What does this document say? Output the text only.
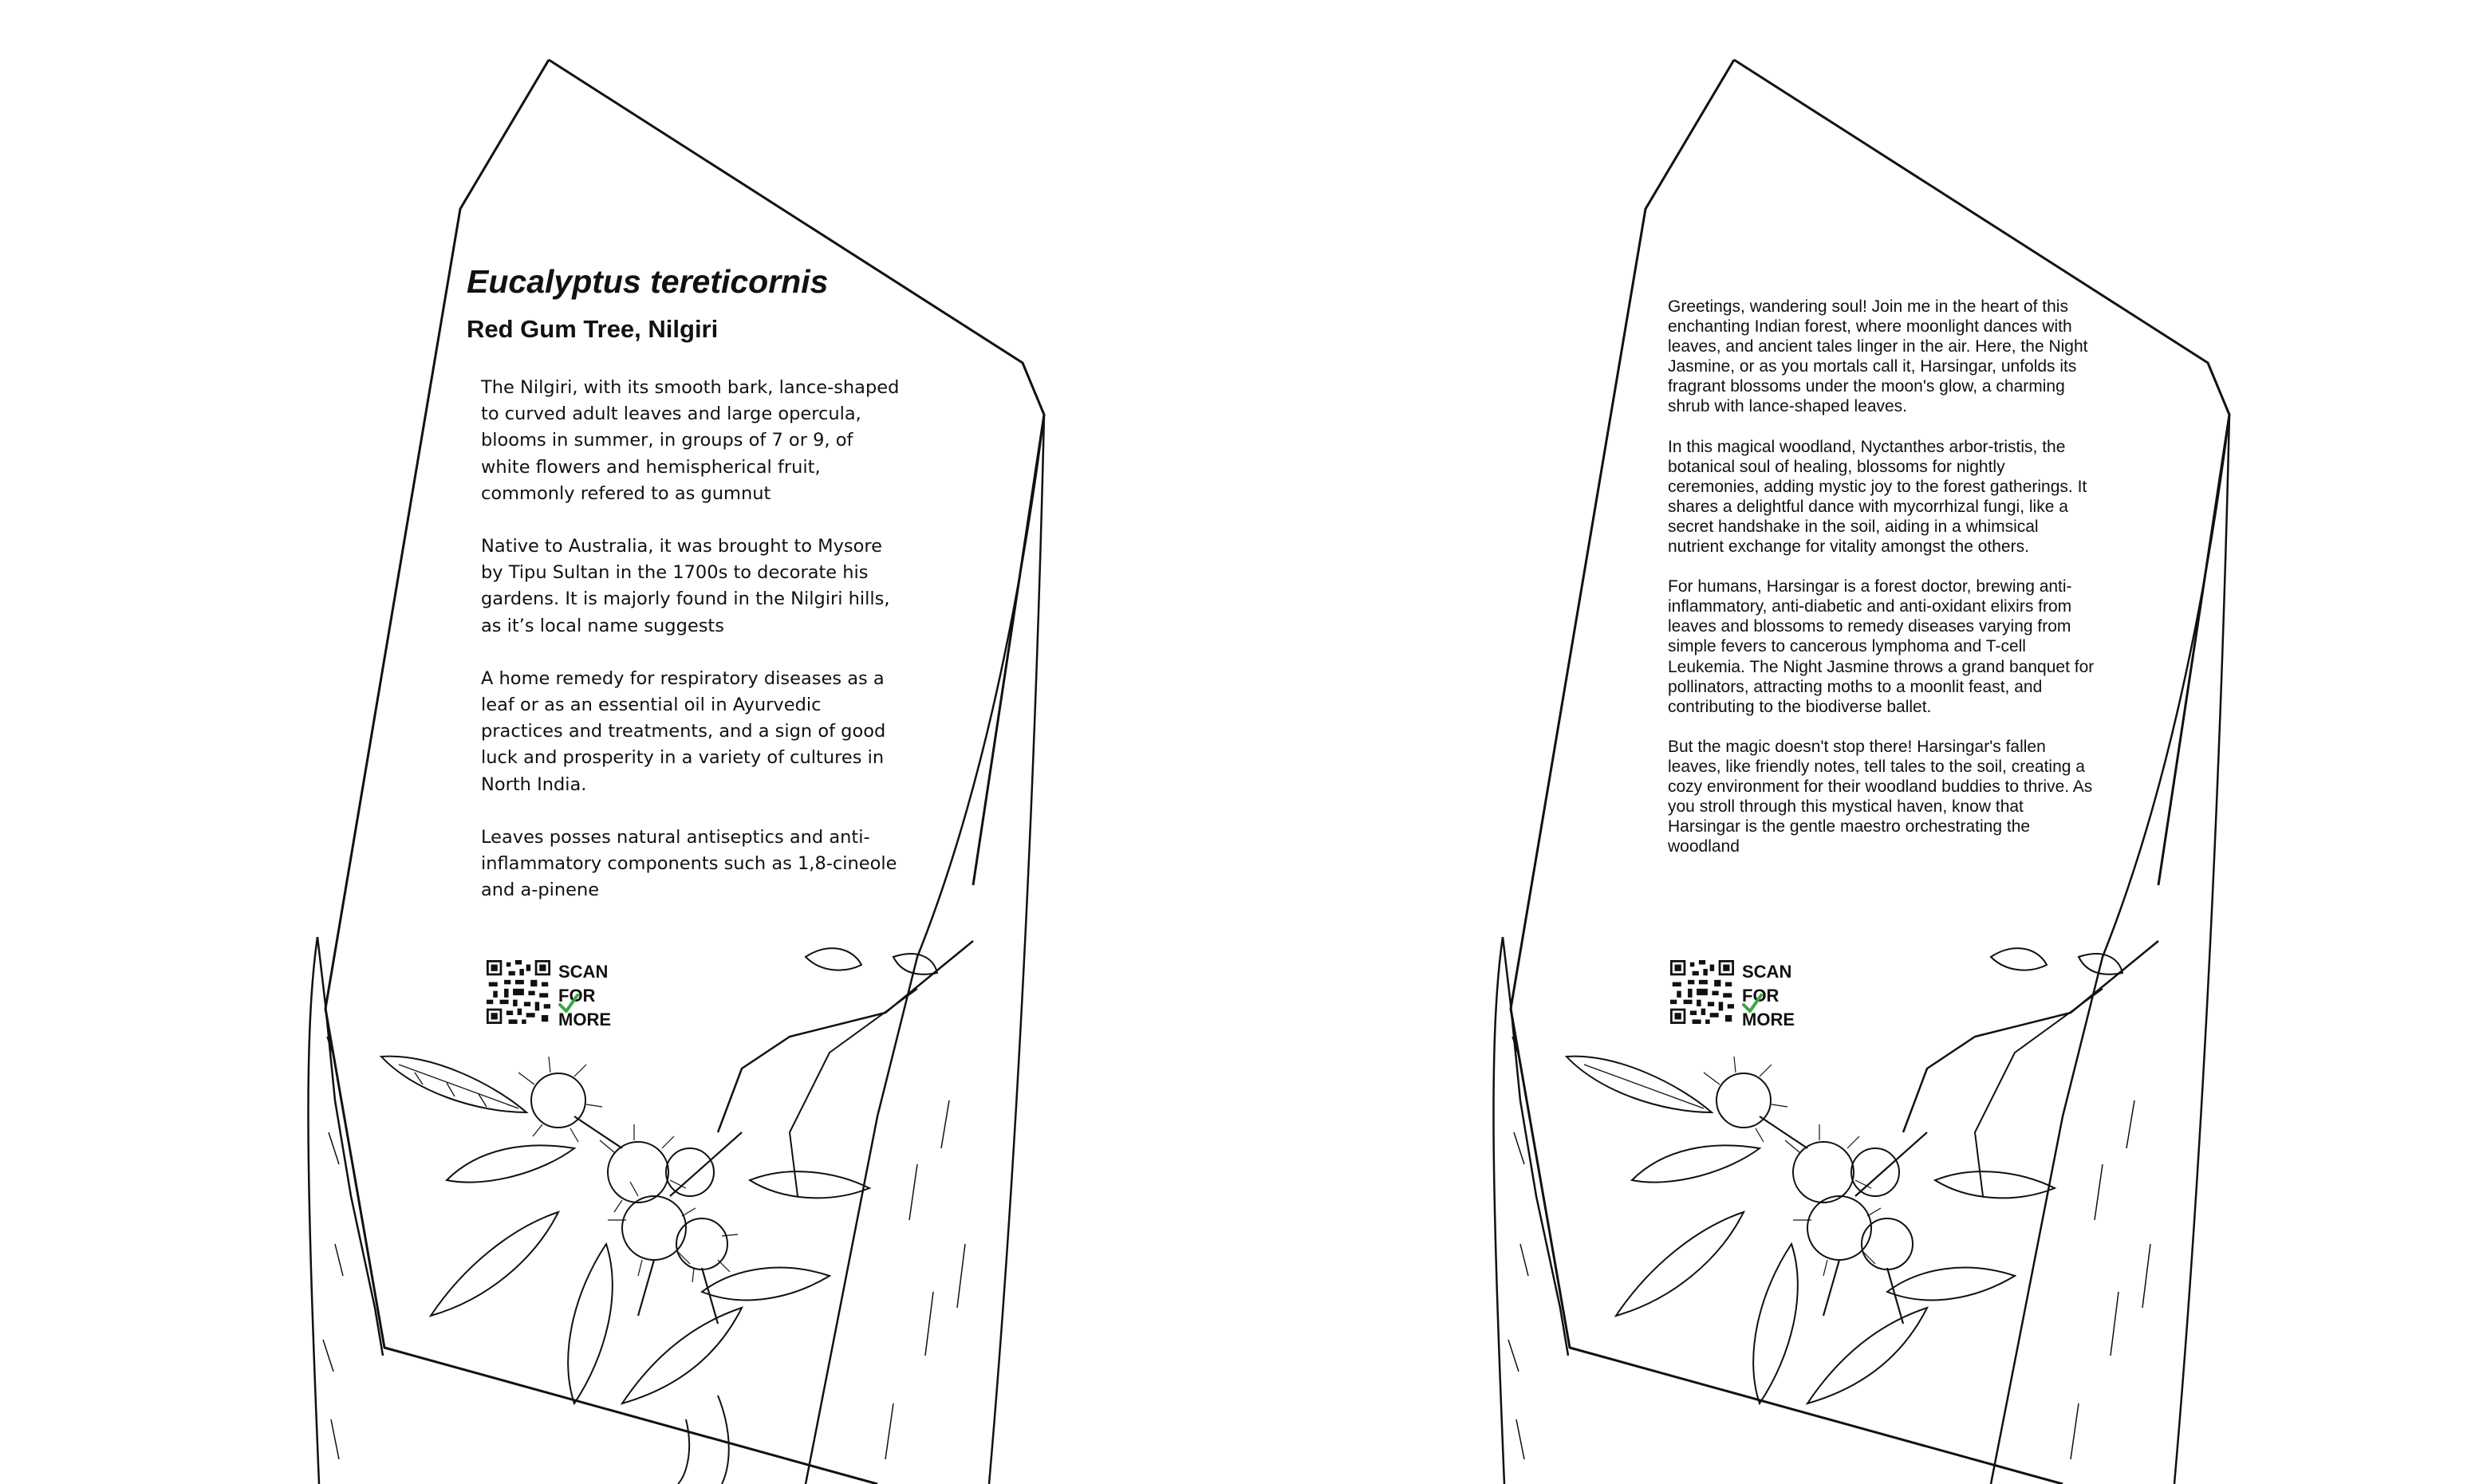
Eucalyptus tereticornis
Red Gum Tree, Nilgiri

The Nilgiri, with its smooth bark, lance-shaped to curved adult leaves and large opercula, blooms in summer, in groups of 7 or 9, of white flowers and hemispherical fruit, commonly refered to as gumnut

Native to Australia, it was brought to Mysore by Tipu Sultan in the 1700s to decorate his gardens. It is majorly found in the Nilgiri hills, as it’s local name suggests

A home remedy for respiratory diseases as a leaf or as an essential oil in Ayurvedic practices and treatments, and a sign of good luck and prosperity in a variety of cultures in North India.

Leaves posses natural antiseptics and anti-inflammatory components such as 1,8-cineole and a-pinene

SCAN
FOR
MORE

Greetings, wandering soul! Join me in the heart of this enchanting Indian forest, where moonlight dances with leaves, and ancient tales linger in the air. Here, the Night Jasmine, or as you mortals call it, Harsingar, unfolds its fragrant blossoms under the moon's glow, a charming shrub with lance-shaped leaves.

In this magical woodland, Nyctanthes arbor-tristis, the botanical soul of healing, blossoms for nightly ceremonies, adding mystic joy to the forest gatherings. It shares a delightful dance with mycorrhizal fungi, like a secret handshake in the soil, aiding in a whimsical nutrient exchange for vitality amongst the others.

For humans, Harsingar is a forest doctor, brewing anti-inflammatory, anti-diabetic and anti-oxidant elixirs from leaves and blossoms to remedy diseases varying from simple fevers to cancerous lymphoma and T-cell Leukemia. The Night Jasmine throws a grand banquet for pollinators, attracting moths to a moonlit feast, and contributing to the biodiverse ballet.

But the magic doesn't stop there! Harsingar's fallen leaves, like friendly notes, tell tales to the soil, creating a cozy environment for their woodland buddies to thrive. As you stroll through this mystical haven, know that Harsingar is the gentle maestro orchestrating the woodland

SCAN
FOR
MORE
